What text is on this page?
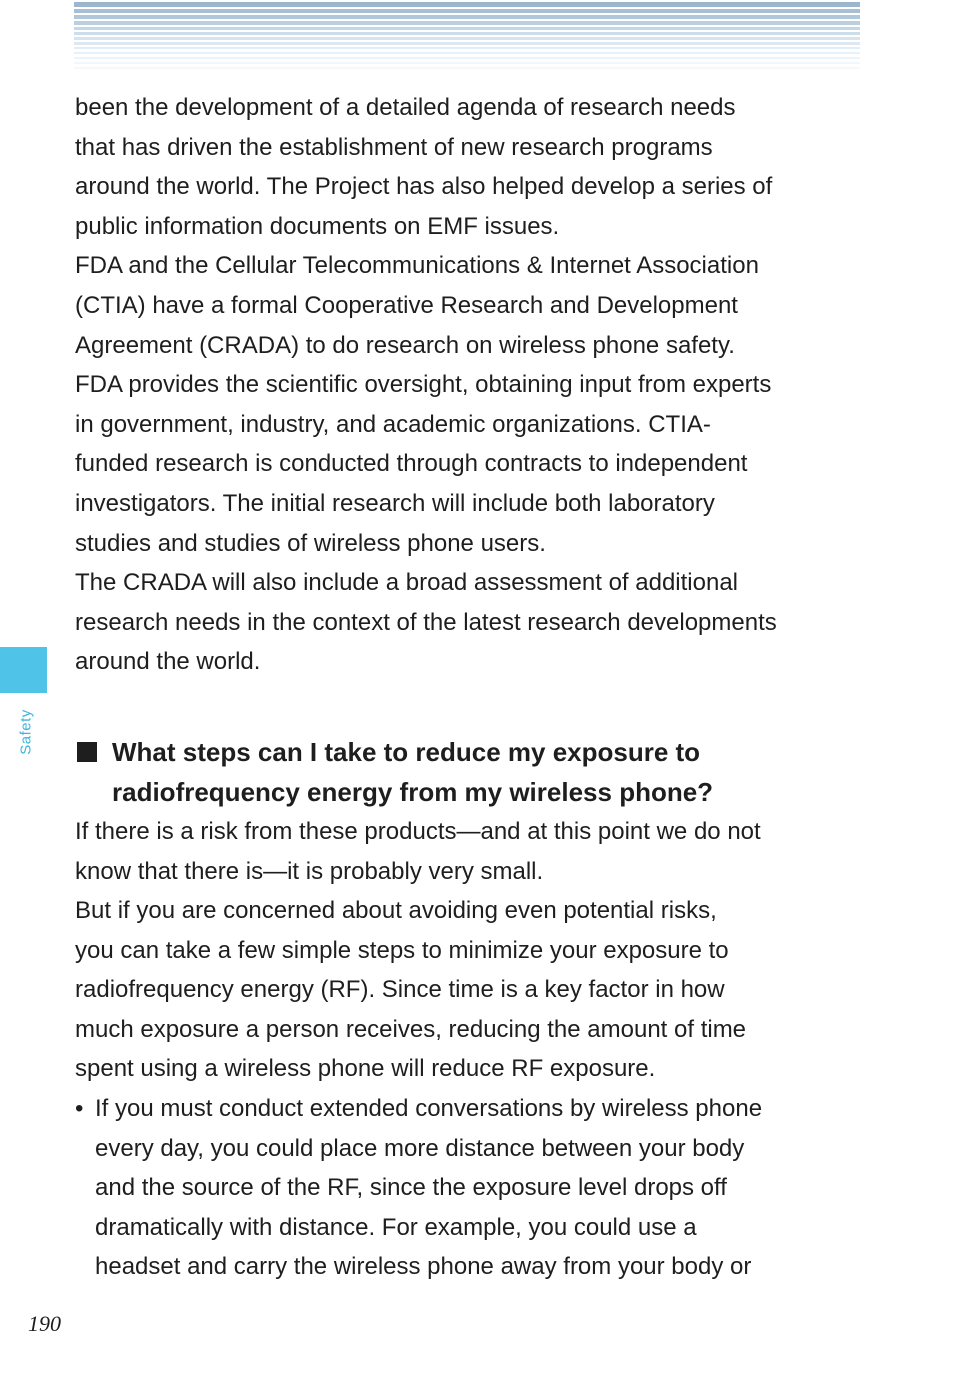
Safety

been the development of a detailed agenda of research needs
that has driven the establishment of new research programs
around the world. The Project has also helped develop a series of
public information documents on EMF issues.

FDA and the Cellular Telecommunications & Internet Association
(CTIA) have a formal Cooperative Research and Development
Agreement (CRADA) to do research on wireless phone safety.
FDA provides the scientific oversight, obtaining input from experts
in government, industry, and academic organizations. CTIA-
funded research is conducted through contracts to independent
investigators. The initial research will include both laboratory
studies and studies of wireless phone users.

The CRADA will also include a broad assessment of additional
research needs in the context of the latest research developments
around the world.

What steps can I take to reduce my exposure to
radiofrequency energy from my wireless phone?

If there is a risk from these products—and at this point we do not
know that there is—it is probably very small.

But if you are concerned about avoiding even potential risks,
you can take a few simple steps to minimize your exposure to
radiofrequency energy (RF). Since time is a key factor in how
much exposure a person receives, reducing the amount of time
spent using a wireless phone will reduce RF exposure.

• If you must conduct extended conversations by wireless phone
every day, you could place more distance between your body
and the source of the RF, since the exposure level drops off
dramatically with distance. For example, you could use a
headset and carry the wireless phone away from your body or

190
